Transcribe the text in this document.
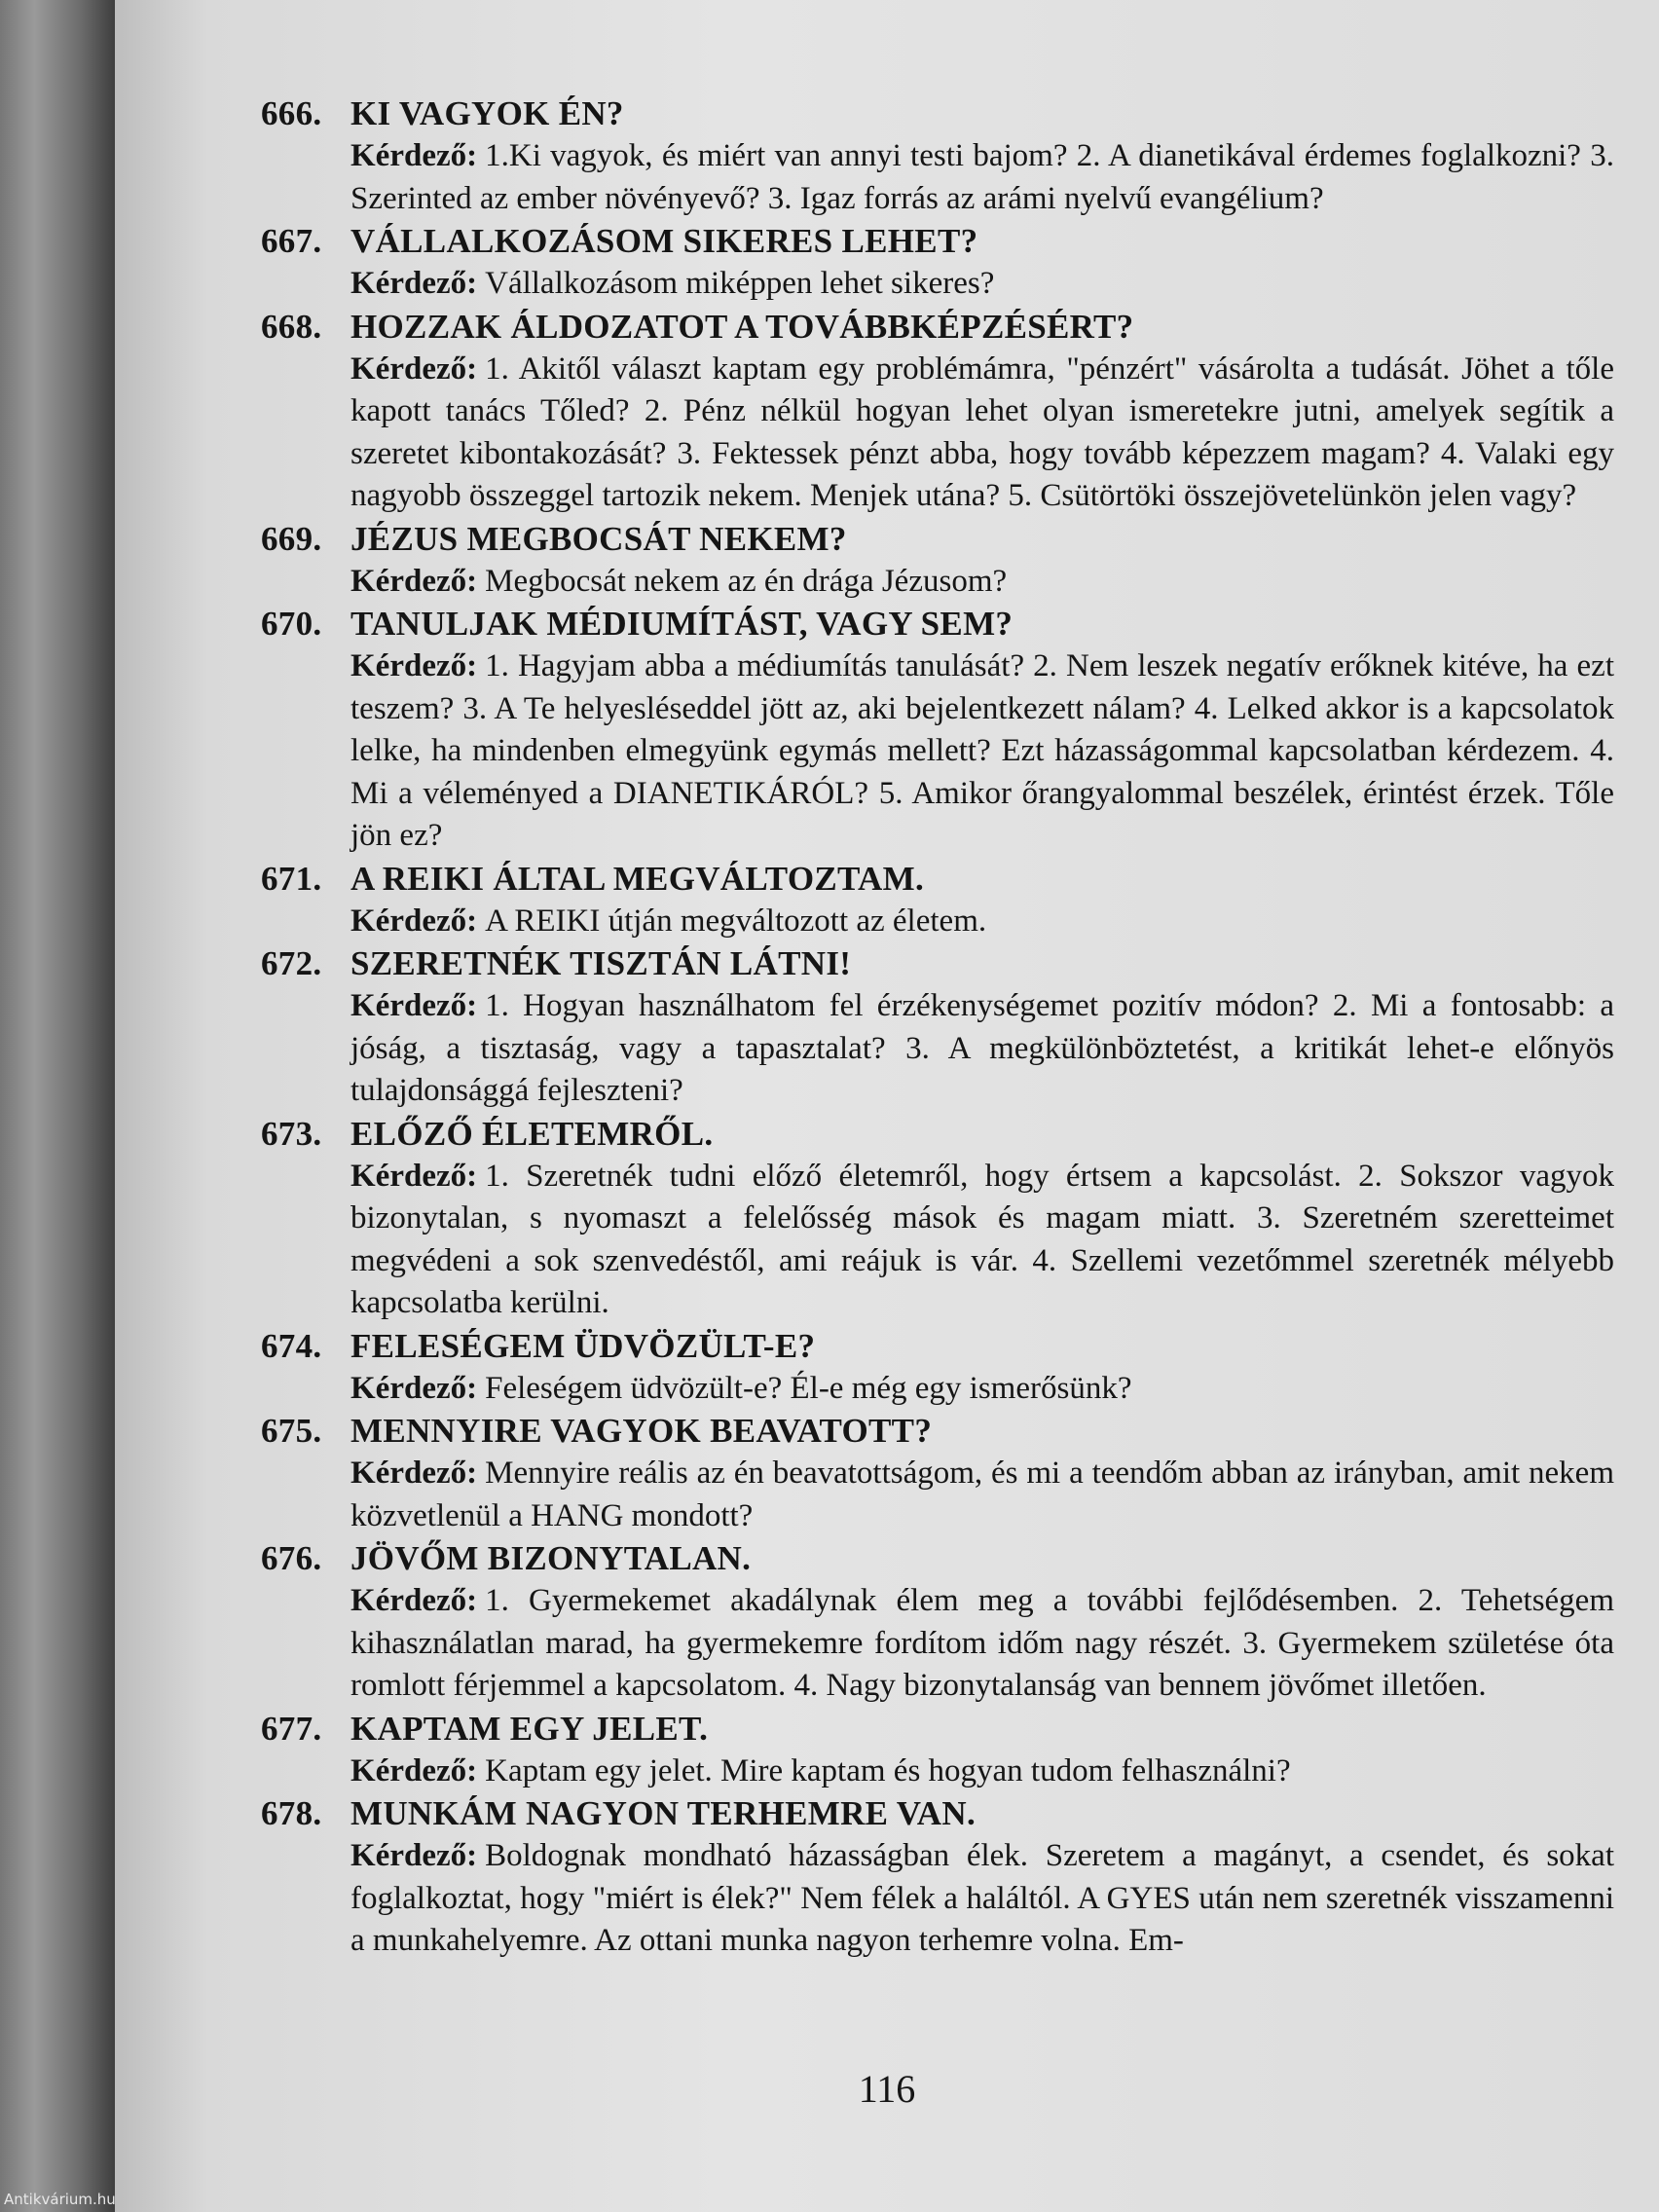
666. KI VAGYOK ÉN?
Kérdező: 1.Ki vagyok, és miért van annyi testi bajom? 2. A dianetikával érdemes foglalkozni? 3. Szerinted az ember növényevő? 3. Igaz forrás az arámi nyelvű evangélium?
667. VÁLLALKOZÁSOM SIKERES LEHET?
Kérdező: Vállalkozásom miképpen lehet sikeres?
668. HOZZAK ÁLDOZATOT A TOVÁBBKÉPZÉSÉRT?
Kérdező: 1. Akitől választ kaptam egy problémámra, "pénzért" vásárolta a tudását. Jöhet a tőle kapott tanács Tőled? 2. Pénz nélkül hogyan lehet olyan ismeretekre jutni, amelyek segítik a szeretet kibontakozását? 3. Fektessek pénzt abba, hogy tovább képezzem magam? 4. Valaki egy nagyobb összeggel tartozik nekem. Menjek utána? 5. Csütörtöki összejövetelünkön jelen vagy?
669. JÉZUS MEGBOCSÁT NEKEM?
Kérdező: Megbocsát nekem az én drága Jézusom?
670. TANULJAK MÉDIUMÍTÁST, VAGY SEM?
Kérdező: 1. Hagyjam abba a médiumítás tanulását? 2. Nem leszek negatív erőknek kitéve, ha ezt teszem? 3. A Te helyesléseddel jött az, aki bejelentkezett nálam? 4. Lelked akkor is a kapcsolatok lelke, ha mindenben elmegyünk egymás mellett? Ezt házasságommal kapcsolatban kérdezem. 4. Mi a véleményed a DIANETIKÁRÓL? 5. Amikor őrangyalommal beszélek, érintést érzek. Tőle jön ez?
671. A REIKI ÁLTAL MEGVÁLTOZTAM.
Kérdező: A REIKI útján megváltozott az életem.
672. SZERETNÉK TISZTÁN LÁTNI!
Kérdező: 1. Hogyan használhatom fel érzékenységemet pozitív módon? 2. Mi a fontosabb: a jóság, a tisztaság, vagy a tapasztalat? 3. A megkülönböztetést, a kritikát lehet-e előnyös tulajdonsággá fejleszteni?
673. ELŐZŐ ÉLETEMRŐL.
Kérdező: 1. Szeretnék tudni előző életemről, hogy értsem a kapcsolást. 2. Sokszor vagyok bizonytalan, s nyomaszt a felelősség mások és magam miatt. 3. Szeretném szeretteimet megvédeni a sok szenvedéstől, ami reájuk is vár. 4. Szellemi vezetőmmel szeretnék mélyebb kapcsolatba kerülni.
674. FELESÉGEM ÜDVÖZÜLT-E?
Kérdező: Feleségem üdvözült-e? Él-e még egy ismerősünk?
675. MENNYIRE VAGYOK BEAVATOTT?
Kérdező: Mennyire reális az én beavatottságom, és mi a teendőm abban az irányban, amit nekem közvetlenül a HANG mondott?
676. JÖVŐM BIZONYTALAN.
Kérdező: 1. Gyermekemet akadálynak élem meg a további fejlődésemben. 2. Tehetségem kihasználatlan marad, ha gyermekemre fordítom időm nagy részét. 3. Gyermekem születése óta romlott férjemmel a kapcsolatom. 4. Nagy bizonytalanság van bennem jövőmet illetően.
677. KAPTAM EGY JELET.
Kérdező: Kaptam egy jelet. Mire kaptam és hogyan tudom felhasználni?
678. MUNKÁM NAGYON TERHEMRE VAN.
Kérdező: Boldognak mondható házasságban élek. Szeretem a magányt, a csendet, és sokat foglalkoztat, hogy "miért is élek?" Nem félek a haláltól. A GYES után nem szeretnék visszamenni a munkahelyemre. Az ottani munka nagyon terhemre volna. Em-
116
Antikvárium.hu
